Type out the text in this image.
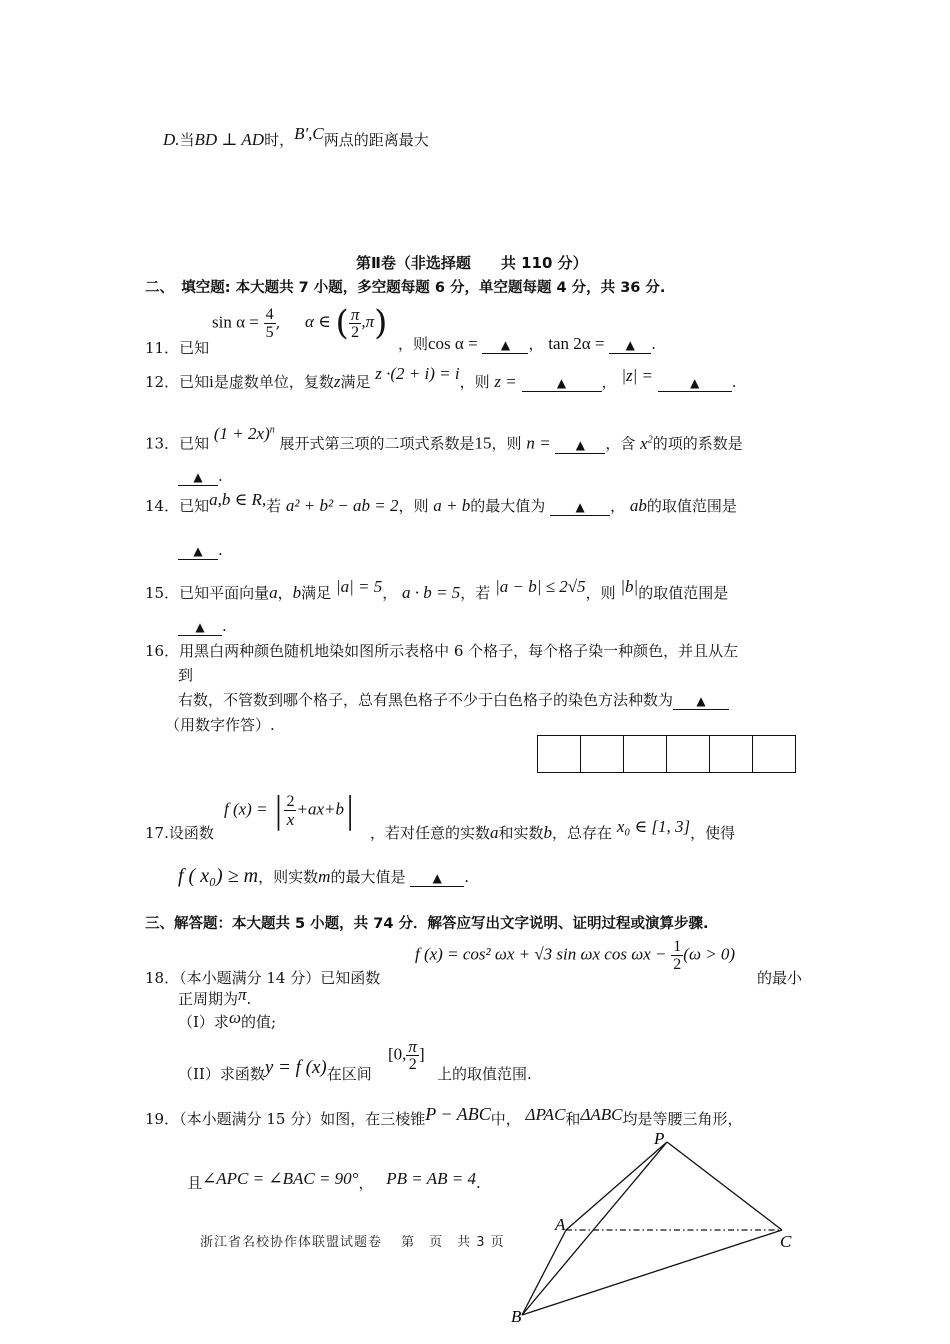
D.当BD ⊥ AD时，B′,C两点的距离最大
第Ⅱ卷（非选择题　　共 110 分）
二、　填空题: 本大题共 7 小题，多空题每题 6 分，单空题每题 4 分，共 36 分.
11．已知
$\sin \alpha = \frac{4}{5}$ , α ∈ ( $\frac{\pi}{2} ,\pi$)
，则cos α = ▲ ， tan 2α = ▲ .
12．已知i是虚数单位，复数z满足 z ·(2 + i) = i，则 z =	▲ ， |z| =	▲ .
13．已知 $(1 + 2x)^n$ 展开式第三项的二项式系数是15，则 n = ▲ ，含 $x^2$的项的系数是
▲ .
14．已知a,b ∈ R,若 a² + b² − ab = 2，则 a + b的最大值为	▲ ， ab的取值范围是
▲ .
15．已知平面向量a，b满足 |a| = 5， a · b = 5，若 |a − b| ≤ 2√5，则 |b|的取值范围是
▲ .
16．用黑白两种颜色随机地染如图所示表格中 6 个格子，每个格子染一种颜色，并且从左
到
右数，不管数到哪个格子，总有黑色格子不少于白色格子的染色方法种数为 ▲
（用数字作答）.
17.设函数
f (x) = | $\frac{2}{x} +ax+b|$
，若对任意的实数a和实数b，总存在 x₀ ∈ [1, 3]，使得
f ( x₀) ≥ m，则实数m的最大值是 ▲ .
三、解答题：本大题共 5 小题，共 74 分．解答应写出文字说明、证明过程或演算步骤.
18．（本小题满分 14 分）已知函数
f (x) = cos² ωx + √3 sin ωx $\cos \omega x - \frac{1}{2} (\omega > 0)$
的最小
正周期为π.
（I）求ω的值;
（II）求函数y = f (x)在区间
[0, $\frac{\pi}{2}$ ]
上的取值范围.
19．（本小题满分 15 分）如图，在三棱锥P − ABC中， ΔPAC和ΔABC均是等腰三角形，
且∠APC = ∠BAC = 90°， PB = AB = 4.
P
A
C
B
浙江省名校协作体联盟试题卷　 第　页　共 3 页
